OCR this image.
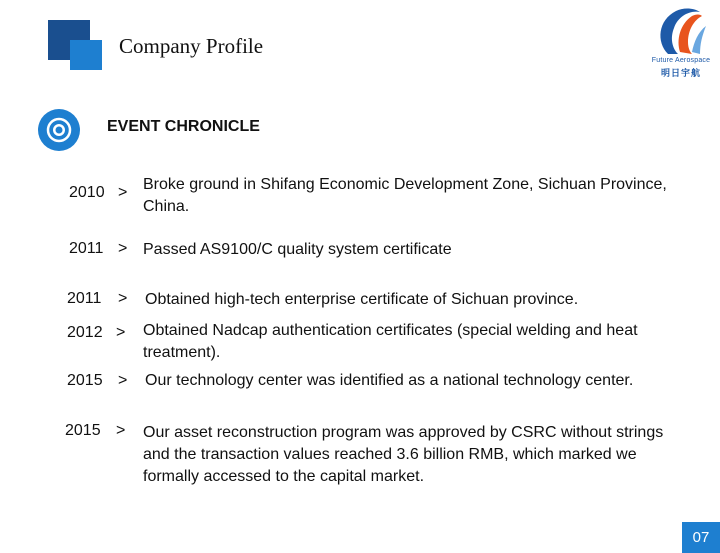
Company Profile
Future Aerospace
明日宇航
EVENT CHRONICLE
2010 > Broke ground in Shifang Economic Development Zone, Sichuan Province, China.
2011 > Passed AS9100/C quality system certificate
2011 > Obtained high-tech enterprise certificate of Sichuan province.
2012 > Obtained Nadcap authentication certificates (special welding and heat treatment).
2015 > Our technology center was identified as a national technology center.
2015 > Our asset reconstruction program was approved by CSRC without strings and the transaction values reached 3.6 billion RMB, which marked we formally accessed to the capital market.
07
